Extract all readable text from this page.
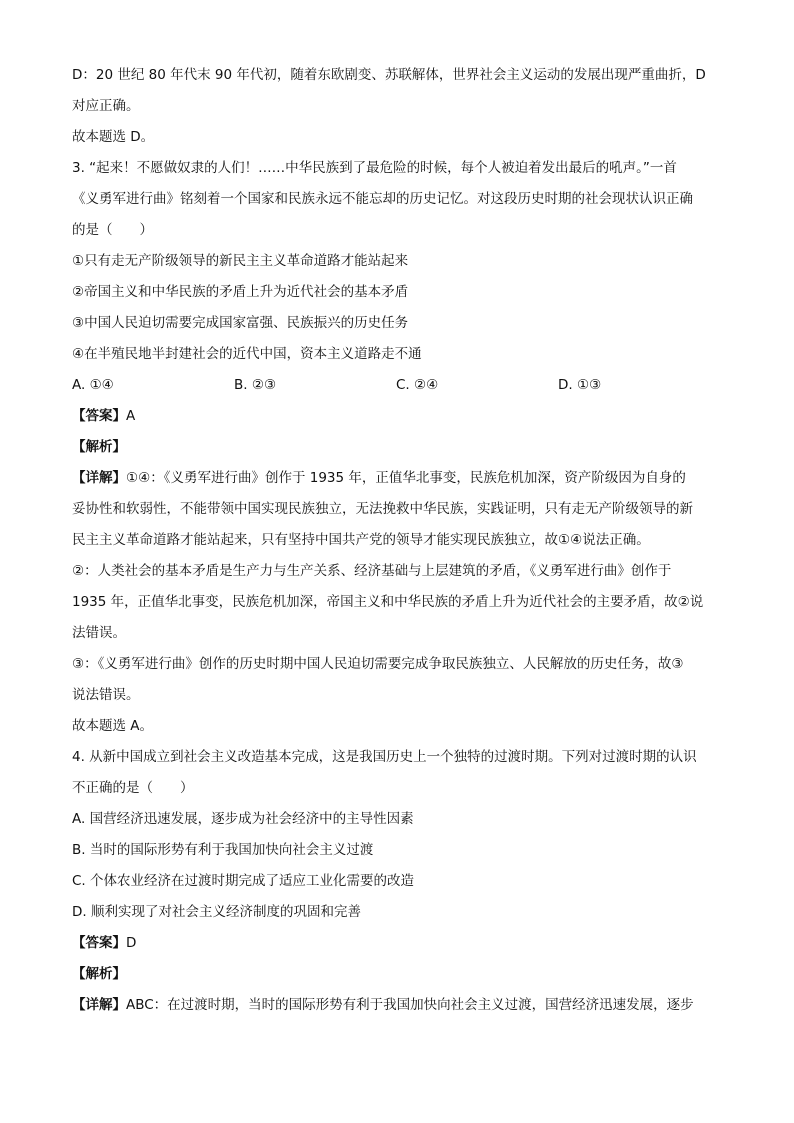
D：20 世纪 80 年代末 90 年代初，随着东欧剧变、苏联解体，世界社会主义运动的发展出现严重曲折，D
对应正确。
故本题选 D。
3. “起来！不愿做奴隶的人们！……中华民族到了最危险的时候，每个人被迫着发出最后的吼声。”一首
《义勇军进行曲》铭刻着一个国家和民族永远不能忘却的历史记忆。对这段历史时期的社会现状认识正确
的是（　　）
①只有走无产阶级领导的新民主主义革命道路才能站起来
②帝国主义和中华民族的矛盾上升为近代社会的基本矛盾
③中国人民迫切需要完成国家富强、民族振兴的历史任务
④在半殖民地半封建社会的近代中国，资本主义道路走不通
A. ①④	B. ②③	C. ②④	D. ①③
【答案】A
【解析】
【详解】①④：《义勇军进行曲》创作于 1935 年，正值华北事变，民族危机加深，资产阶级因为自身的
妥协性和软弱性，不能带领中国实现民族独立，无法挽救中华民族，实践证明，只有走无产阶级领导的新
民主主义革命道路才能站起来，只有坚持中国共产党的领导才能实现民族独立，故①④说法正确。
②：人类社会的基本矛盾是生产力与生产关系、经济基础与上层建筑的矛盾，《义勇军进行曲》创作于
1935 年，正值华北事变，民族危机加深，帝国主义和中华民族的矛盾上升为近代社会的主要矛盾，故②说
法错误。
③：《义勇军进行曲》创作的历史时期中国人民迫切需要完成争取民族独立、人民解放的历史任务，故③
说法错误。
故本题选 A。
4. 从新中国成立到社会主义改造基本完成，这是我国历史上一个独特的过渡时期。下列对过渡时期的认识
不正确的是（　　）
A. 国营经济迅速发展，逐步成为社会经济中的主导性因素
B. 当时的国际形势有利于我国加快向社会主义过渡
C. 个体农业经济在过渡时期完成了适应工业化需要的改造
D. 顺利实现了对社会主义经济制度的巩固和完善
【答案】D
【解析】
【详解】ABC：在过渡时期，当时的国际形势有利于我国加快向社会主义过渡，国营经济迅速发展，逐步
